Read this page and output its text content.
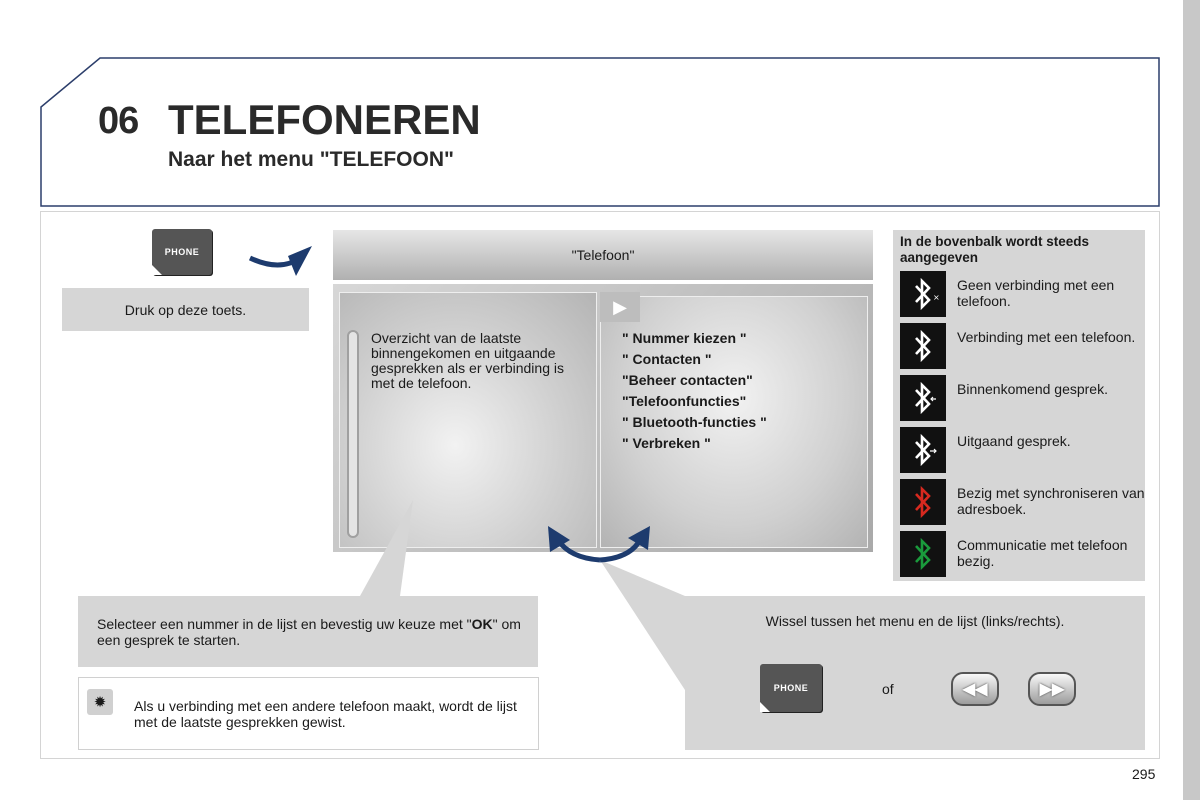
06 TELEFONEREN
Naar het menu "TELEFOON"
PHONE
Druk op deze toets.
"Telefoon"
▶
Overzicht van de laatste binnengekomen en uitgaande gesprekken als er verbinding is met de telefoon.
" Nummer kiezen "
" Contacten "
"Beheer contacten"
"Telefoonfuncties"
" Bluetooth-functies "
" Verbreken "
In de bovenbalk wordt steeds aangegeven
×
Geen verbinding met een telefoon.
Verbinding met een telefoon.
Binnenkomend gesprek.
Uitgaand gesprek.
Bezig met synchroniseren van adresboek.
Communicatie met telefoon bezig.
Selecteer een nummer in de lijst en bevestig uw keuze met "OK" om een gesprek te starten.
✹	Als u verbinding met een andere telefoon maakt, wordt de lijst met de laatste gesprekken gewist.
Wissel tussen het menu en de lijst (links/rechts).
PHONE	of	◀◀	▶▶
295
